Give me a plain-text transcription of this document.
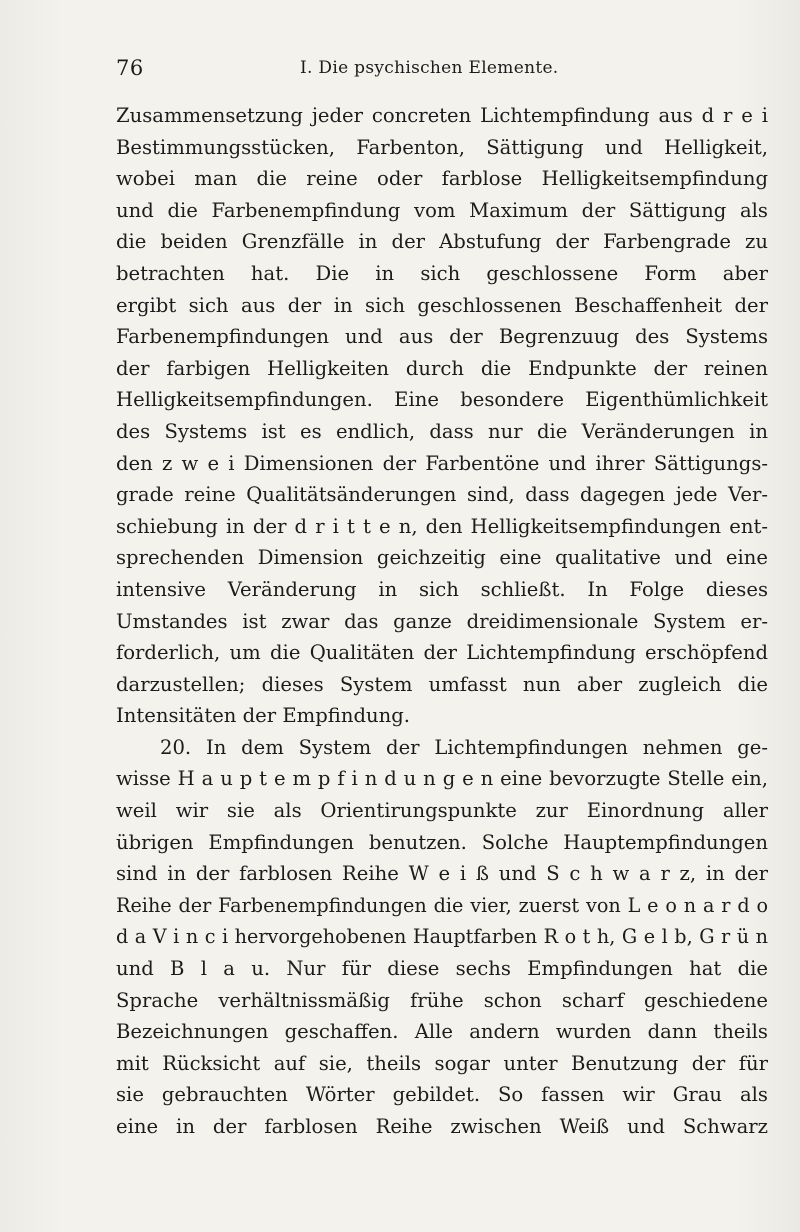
76	I. Die psychischen Elemente.
Zusammensetzung jeder concreten Lichtempfindung aus d r e i
Bestimmungsstücken, Farbenton, Sättigung und Helligkeit,
wobei man die reine oder farblose Helligkeitsempfindung
und die Farbenempfindung vom Maximum der Sättigung als
die beiden Grenzfälle in der Abstufung der Farbengrade zu
betrachten hat. Die in sich geschlossene Form aber
ergibt sich aus der in sich geschlossenen Beschaffenheit der
Farbenempfindungen und aus der Begrenzuug des Systems
der farbigen Helligkeiten durch die Endpunkte der reinen
Helligkeitsempfindungen. Eine besondere Eigenthümlichkeit
des Systems ist es endlich, dass nur die Veränderungen in
den z w e i Dimensionen der Farbentöne und ihrer Sättigungs-
grade reine Qualitätsänderungen sind, dass dagegen jede Ver-
schiebung in der d r i t t e n, den Helligkeitsempfindungen ent-
sprechenden Dimension geichzeitig eine qualitative und eine
intensive Veränderung in sich schließt. In Folge dieses
Umstandes ist zwar das ganze dreidimensionale System er-
forderlich, um die Qualitäten der Lichtempfindung erschöpfend
darzustellen; dieses System umfasst nun aber zugleich die
Intensitäten der Empfindung.
20. In dem System der Lichtempfindungen nehmen ge-
wisse H a u p t e m p f i n d u n g e n eine bevorzugte Stelle ein,
weil wir sie als Orientirungspunkte zur Einordnung aller
übrigen Empfindungen benutzen. Solche Hauptempfindungen
sind in der farblosen Reihe W e i ß und S c h w a r z, in der
Reihe der Farbenempfindungen die vier, zuerst von L e o n a r d o
d a V i n c i hervorgehobenen Hauptfarben R o t h, G e l b, G r ü n
und B l a u. Nur für diese sechs Empfindungen hat die
Sprache verhältnissmäßig frühe schon scharf geschiedene
Bezeichnungen geschaffen. Alle andern wurden dann theils
mit Rücksicht auf sie, theils sogar unter Benutzung der für
sie gebrauchten Wörter gebildet. So fassen wir Grau als
eine in der farblosen Reihe zwischen Weiß und Schwarz
